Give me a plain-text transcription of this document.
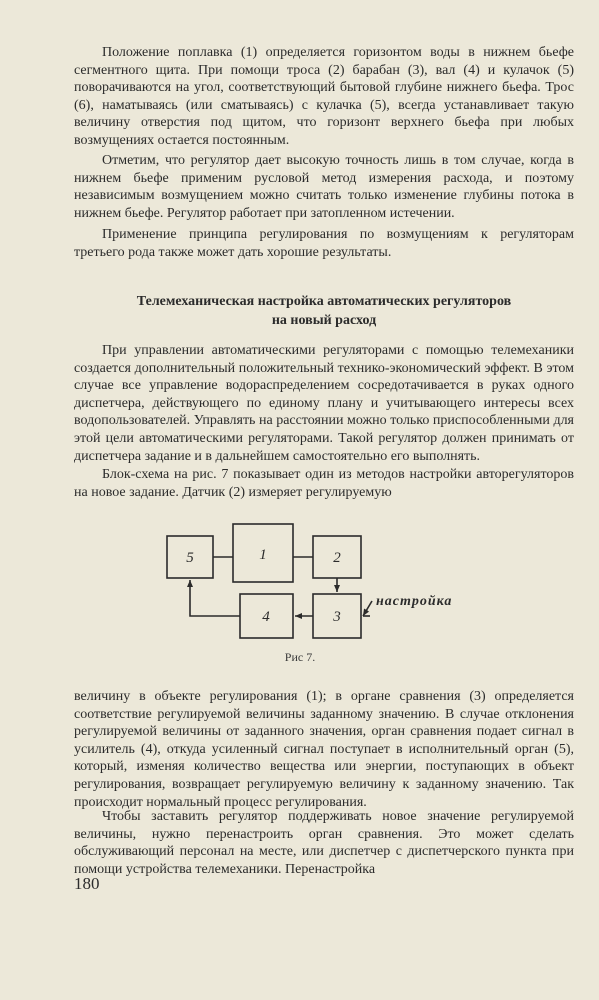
Положение поплавка (1) определяется горизонтом воды в нижнем бьефе сегментного щита. При помощи троса (2) барабан (3), вал (4) и кулачок (5) поворачиваются на угол, соответствующий бытовой глубине нижнего бьефа. Трос (6), наматываясь (или сматываясь) с кулачка (5), всегда устанавливает такую величину отверстия под щитом, что горизонт верхнего бьефа при любых возмущениях остается постоянным.

Отметим, что регулятор дает высокую точность лишь в том случае, когда в нижнем бьефе применим русловой метод измерения расхода, и поэтому независимым возмущением можно считать только изменение глубины потока в нижнем бьефе. Регулятор работает при затопленном истечении.

Применение принципа регулирования по возмущениям к регуляторам третьего рода также может дать хорошие результаты.

Телемеханическая настройка автоматических регуляторов
на новый расход

При управлении автоматическими регуляторами с помощью телемеханики создается дополнительный положительный технико-экономический эффект. В этом случае все управление водораспределением сосредотачивается в руках одного диспетчера, действующего по единому плану и учитывающего интересы всех водопользователей. Управлять на расстоянии можно только приспособленными для этой цели автоматическими регуляторами. Такой регулятор должен принимать от диспетчера задание и в дальнейшем самостоятельно его выполнять.

Блок-схема на рис. 7 показывает один из методов настройки авторегуляторов на новое задание. Датчик (2) измеряет регулируемую

5	1	2
4	3
настройка

Рис 7.

величину в объекте регулирования (1); в органе сравнения (3) определяется соответствие регулируемой величины заданному значению. В случае отклонения регулируемой величины от заданного значения, орган сравнения подает сигнал в усилитель (4), откуда усиленный сигнал поступает в исполнительный орган (5), который, изменяя количество вещества или энергии, поступающих в объект регулирования, возвращает регулируемую величину к заданному значению. Так происходит нормальный процесс регулирования.

Чтобы заставить регулятор поддерживать новое значение регулируемой величины, нужно перенастроить орган сравнения. Это может сделать обслуживающий персонал на месте, или диспетчер с диспетчерского пункта при помощи устройства телемеханики. Перенастройка

180
